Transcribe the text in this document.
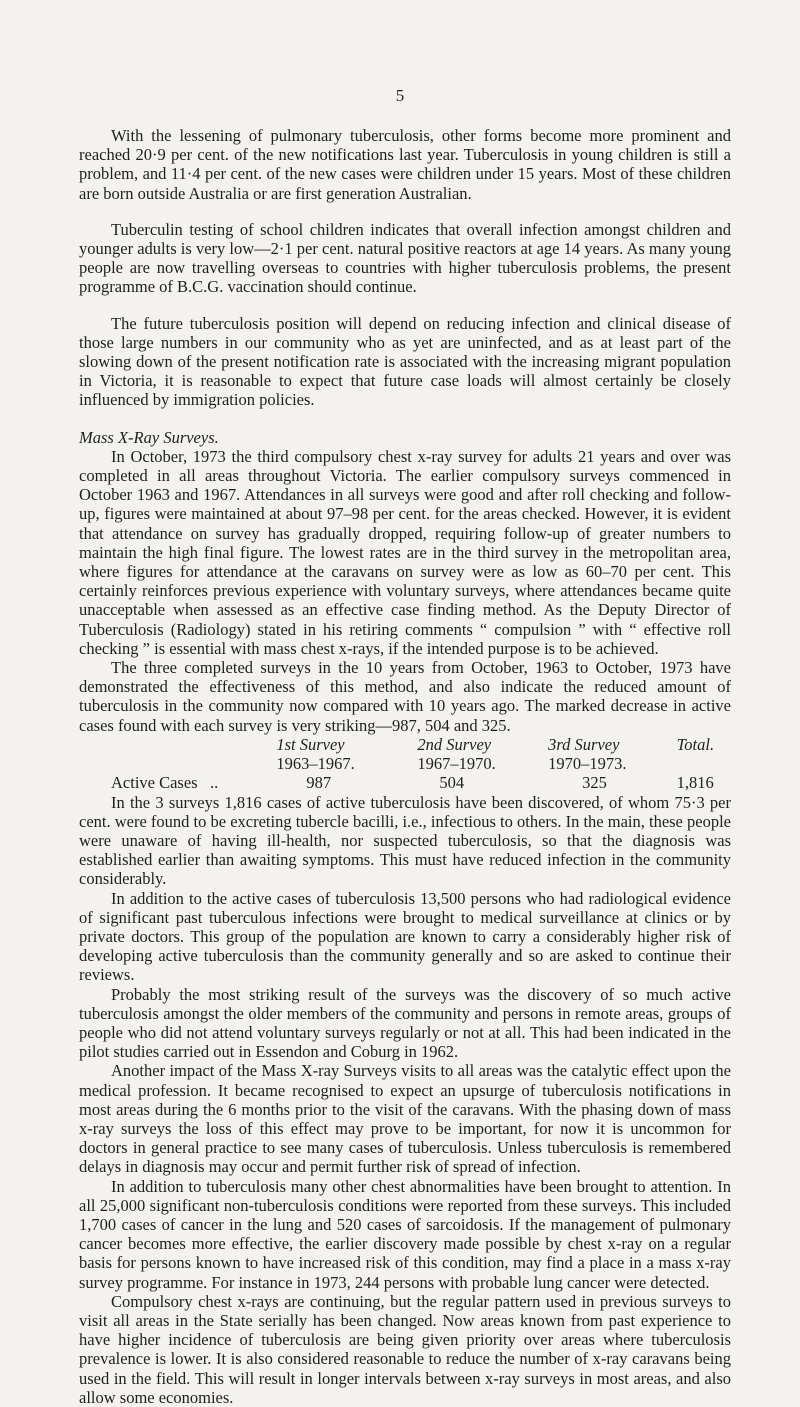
5

With the lessening of pulmonary tuberculosis, other forms become more prominent and reached 20·9 per cent. of the new notifications last year. Tuberculosis in young children is still a problem, and 11·4 per cent. of the new cases were children under 15 years. Most of these children are born outside Australia or are first generation Australian.

Tuberculin testing of school children indicates that overall infection amongst children and younger adults is very low—2·1 per cent. natural positive reactors at age 14 years. As many young people are now travelling overseas to countries with higher tuberculosis problems, the present programme of B.C.G. vaccination should continue.

The future tuberculosis position will depend on reducing infection and clinical disease of those large numbers in our community who as yet are uninfected, and as at least part of the slowing down of the present notification rate is associated with the increasing migrant population in Victoria, it is reasonable to expect that future case loads will almost certainly be closely influenced by immigration policies.

Mass X-Ray Surveys.

In October, 1973 the third compulsory chest x-ray survey for adults 21 years and over was completed in all areas throughout Victoria. The earlier compulsory surveys commenced in October 1963 and 1967. Attendances in all surveys were good and after roll checking and follow-up, figures were maintained at about 97–98 per cent. for the areas checked. However, it is evident that attendance on survey has gradually dropped, requiring follow-up of greater numbers to maintain the high final figure. The lowest rates are in the third survey in the metropolitan area, where figures for attendance at the caravans on survey were as low as 60–70 per cent. This certainly reinforces previous experience with voluntary surveys, where attendances became quite unacceptable when assessed as an effective case finding method. As the Deputy Director of Tuberculosis (Radiology) stated in his retiring comments “ compulsion ” with “ effective roll checking ” is essential with mass chest x-rays, if the intended purpose is to be achieved.

The three completed surveys in the 10 years from October, 1963 to October, 1973 have demonstrated the effectiveness of this method, and also indicate the reduced amount of tuberculosis in the community now compared with 10 years ago. The marked decrease in active cases found with each survey is very striking—987, 504 and 325.

	1st Survey	2nd Survey	3rd Survey	Total.
	1963–1967.	1967–1970.	1970–1973.	
Active Cases ..	987	504	325	1,816

In the 3 surveys 1,816 cases of active tuberculosis have been discovered, of whom 75·3 per cent. were found to be excreting tubercle bacilli, i.e., infectious to others. In the main, these people were unaware of having ill-health, nor suspected tuberculosis, so that the diagnosis was established earlier than awaiting symptoms. This must have reduced infection in the community considerably.

In addition to the active cases of tuberculosis 13,500 persons who had radiological evidence of significant past tuberculous infections were brought to medical surveillance at clinics or by private doctors. This group of the population are known to carry a considerably higher risk of developing active tuberculosis than the community generally and so are asked to continue their reviews.

Probably the most striking result of the surveys was the discovery of so much active tuberculosis amongst the older members of the community and persons in remote areas, groups of people who did not attend voluntary surveys regularly or not at all. This had been indicated in the pilot studies carried out in Essendon and Coburg in 1962.

Another impact of the Mass X-ray Surveys visits to all areas was the catalytic effect upon the medical profession. It became recognised to expect an upsurge of tuberculosis notifications in most areas during the 6 months prior to the visit of the caravans. With the phasing down of mass x-ray surveys the loss of this effect may prove to be important, for now it is uncommon for doctors in general practice to see many cases of tuberculosis. Unless tuberculosis is remembered delays in diagnosis may occur and permit further risk of spread of infection.

In addition to tuberculosis many other chest abnormalities have been brought to attention. In all 25,000 significant non-tuberculosis conditions were reported from these surveys. This included 1,700 cases of cancer in the lung and 520 cases of sarcoidosis. If the management of pulmonary cancer becomes more effective, the earlier discovery made possible by chest x-ray on a regular basis for persons known to have increased risk of this condition, may find a place in a mass x-ray survey programme. For instance in 1973, 244 persons with probable lung cancer were detected.

Compulsory chest x-rays are continuing, but the regular pattern used in previous surveys to visit all areas in the State serially has been changed. Now areas known from past experience to have higher incidence of tuberculosis are being given priority over areas where tuberculosis prevalence is lower. It is also considered reasonable to reduce the number of x-ray caravans being used in the field. This will result in longer intervals between x-ray surveys in most areas, and also allow some economies.
